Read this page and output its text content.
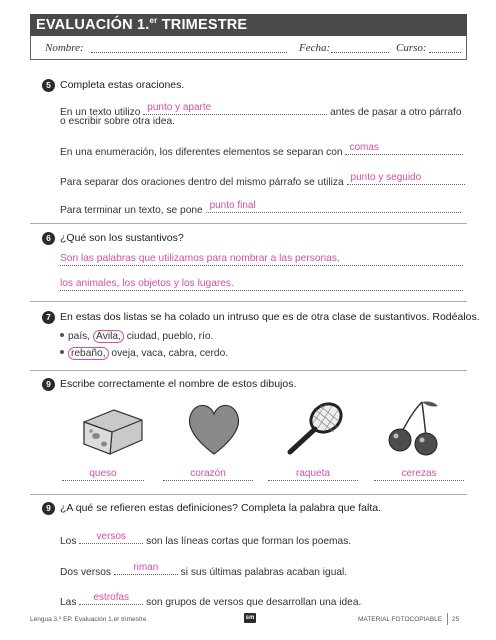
EVALUACIÓN 1.$^{er}$ TRIMESTRE
Nombre:	Fecha:	Curso:
5 Completa estas oraciones.
En un texto utilizo punto y aparte	antes de pasar a otro párrafo
o escribir sobre otra idea.
En una enumeración, los diferentes elementos se separan con comas
Para separar dos oraciones dentro del mismo párrafo se utiliza punto y seguido
Para terminar un texto, se pone punto final
6 ¿Qué son los sustantivos?
Son las palabras que utilizamos para nombrar a las personas,
los animales, los objetos y los lugares.
7 En estas dos listas se ha colado un intruso que es de otra clase de sustantivos. Rodéalos.
país, Ávila, ciudad, pueblo, río.
rebaño, oveja, vaca, cabra, cerdo.
9 Escribe correctamente el nombre de estos dibujos.
queso	corazón	raqueta	cerezas
9 ¿A qué se refieren estas definiciones? Completa la palabra que falta.
Los	versos	son las líneas cortas que forman los poemas.
Dos versos	riman	si sus últimas palabras acaban igual.
Las	estrofas	son grupos de versos que desarrollan una idea.
Lengua 3.º EP. Evaluación 1.er trimestre	sm	MATERIAL FOTOCOPIABLE 25
